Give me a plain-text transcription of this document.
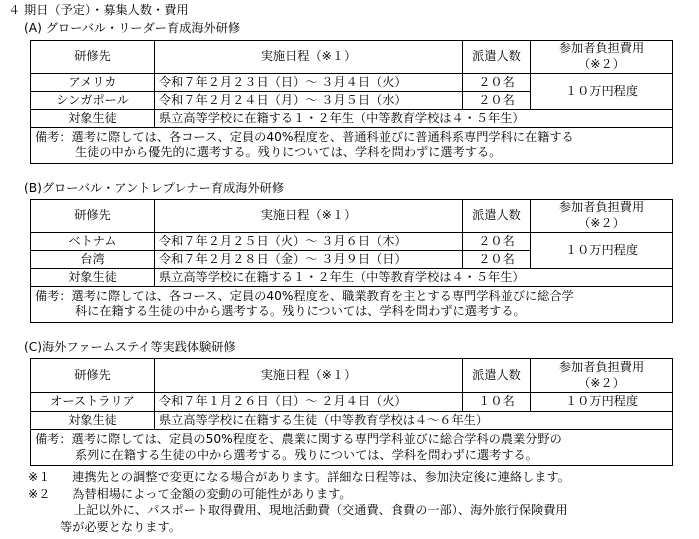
４ 期日（予定）・募集人数・費用
(A) グローバル・リーダー育成海外研修
研修先	実施日程（※１）	派遣人数	参加者負担費用
（※２）
アメリカ	令和７年２月２３日（日）～ ３月４日（火）	２０名	１０万円程度
シンガポール	令和７年２月２４日（月）～ ３月５日（水）	２０名	
対象生徒	県立高等学校に在籍する１・２年生（中等教育学校は４・５年生）		

備考：選考に際しては、各コース、定員の40%程度を、普通科並びに普通科系専門学科に在籍する
生徒の中から優先的に選考する。残りについては、学科を問わずに選考する。			
(B)グローバル・アントレプレナー育成海外研修
研修先	実施日程（※１）	派遣人数	参加者負担費用
（※２）
ベトナム	令和７年２月２５日（火）～ ３月６日（木）	２０名	１０万円程度
台湾	令和７年２月２８日（金）～ ３月９日（日）	２０名	
対象生徒	県立高等学校に在籍する１・２年生（中等教育学校は４・５年生）		

備考：選考に際しては、各コース、定員の40%程度を、職業教育を主とする専門学科並びに総合学
科に在籍する生徒の中から選考する。残りについては、学科を問わずに選考する。			
(C)海外ファームステイ等実践体験研修
研修先	実施日程（※１）	派遣人数	参加者負担費用
（※２）
オーストラリア	令和７年１月２６日（日）～ ２月４日（火）	１０名	１０万円程度
対象生徒	県立高等学校に在籍する生徒（中等教育学校は４～６年生）		

備考：選考に際しては、定員の50%程度を、農業に関する専門学科並びに総合学科の農業分野の
系列に在籍する生徒の中から選考する。残りについては、学科を問わずに選考する。			
※１ 連携先との調整で変更になる場合があります。詳細な日程等は、参加決定後に連絡します。
※２ 為替相場によって金額の変動の可能性があります。
上記以外に、パスポート取得費用、現地活動費（交通費、食費の一部）、海外旅行保険費用
等が必要となります。
